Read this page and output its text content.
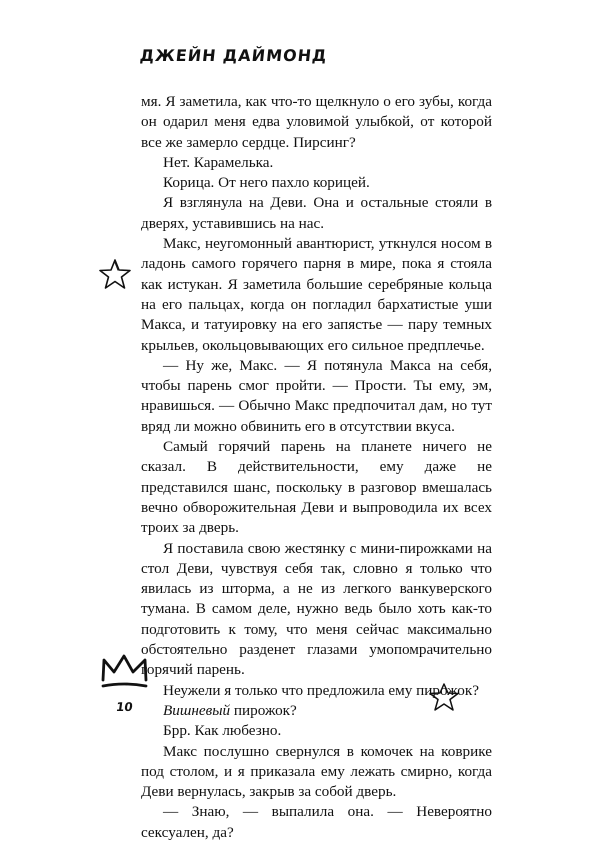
ДЖЕЙН ДАЙМОНД

мя. Я заметила, как что-то щелкнуло о его зубы, когда он одарил меня едва уловимой улыбкой, от которой все же замерло сердце. Пирсинг?

Нет. Карамелька.

Корица. От него пахло корицей.

Я взглянула на Деви. Она и остальные стояли в дверях, уставившись на нас.

Макс, неугомонный авантюрист, уткнулся носом в ладонь самого горячего парня в мире, пока я стояла как истукан. Я заметила большие серебряные кольца на его пальцах, когда он погладил бархатистые уши Макса, и татуировку на его запястье — пару темных крыльев, окольцовывающих его сильное предплечье.

— Ну же, Макс. — Я потянула Макса на себя, чтобы парень смог пройти. — Прости. Ты ему, эм, нравишься. — Обычно Макс предпочитал дам, но тут вряд ли можно обвинить его в отсутствии вкуса.

Самый горячий парень на планете ничего не сказал. В действительности, ему даже не представился шанс, поскольку в разговор вмешалась вечно обворожительная Деви и выпроводила их всех троих за дверь.

Я поставила свою жестянку с мини-пирожками на стол Деви, чувствуя себя так, словно я только что явилась из шторма, а не из легкого ванкуверского тумана. В самом деле, нужно ведь было хоть как-то подготовить к тому, что меня сейчас максимально обстоятельно разденет глазами умопомрачительно горячий парень.

Неужели я только что предложила ему пирожок?

Вишневый пирожок?

Брр. Как любезно.

Макс послушно свернулся в комочек на коврике под столом, и я приказала ему лежать смирно, когда Деви вернулась, закрыв за собой дверь.

— Знаю, — выпалила она. — Невероятно сексуален, да?

10
